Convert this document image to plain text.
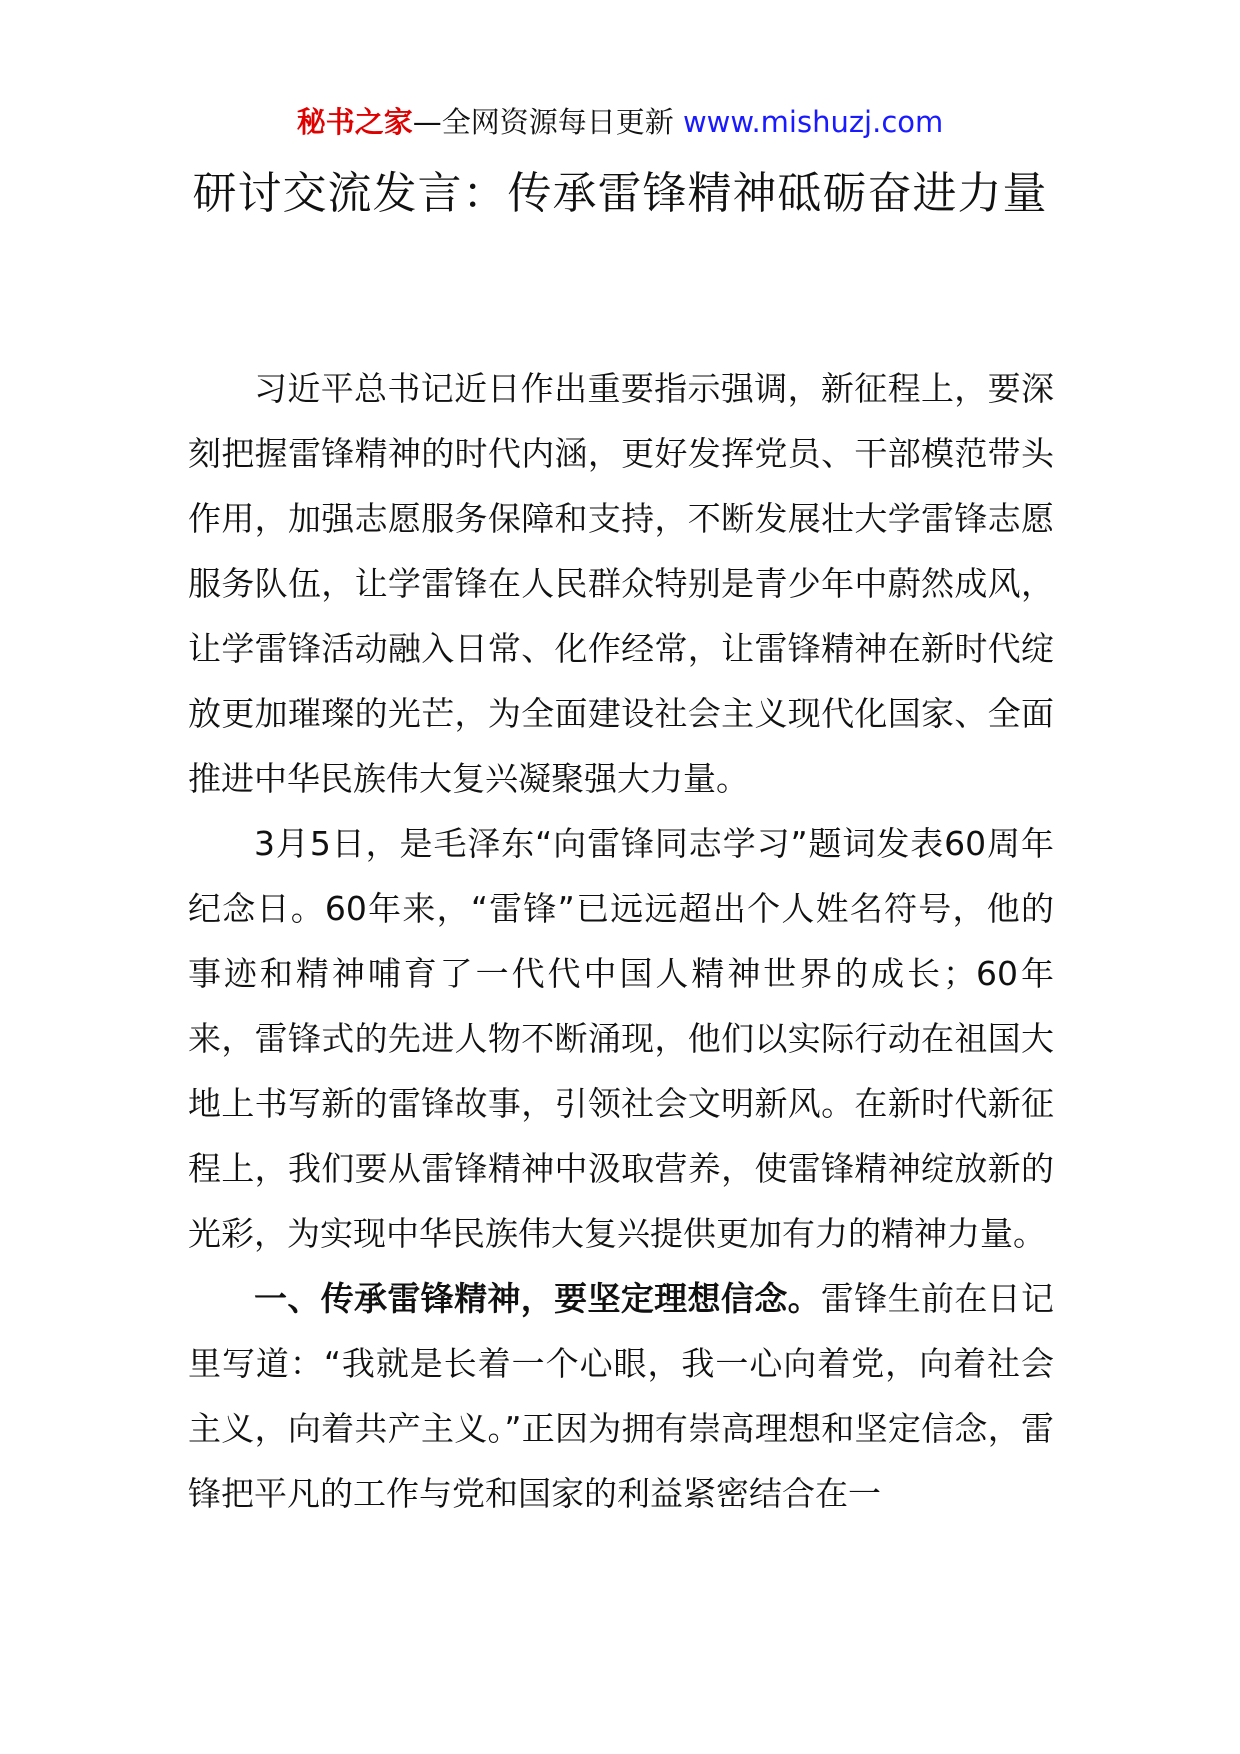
秘书之家—全网资源每日更新 www.mishuzj.com
研讨交流发言：传承雷锋精神砥砺奋进力量

习近平总书记近日作出重要指示强调，新征程上，要深刻把握雷锋精神的时代内涵，更好发挥党员、干部模范带头作用，加强志愿服务保障和支持，不断发展壮大学雷锋志愿服务队伍，让学雷锋在人民群众特别是青少年中蔚然成风，让学雷锋活动融入日常、化作经常，让雷锋精神在新时代绽放更加璀璨的光芒，为全面建设社会主义现代化国家、全面推进中华民族伟大复兴凝聚强大力量。

3月5日，是毛泽东“向雷锋同志学习”题词发表60周年纪念日。60年来，“雷锋”已远远超出个人姓名符号，他的事迹和精神哺育了一代代中国人精神世界的成长；60年来，雷锋式的先进人物不断涌现，他们以实际行动在祖国大地上书写新的雷锋故事，引领社会文明新风。在新时代新征程上，我们要从雷锋精神中汲取营养，使雷锋精神绽放新的光彩，为实现中华民族伟大复兴提供更加有力的精神力量。

一、传承雷锋精神，要坚定理想信念。雷锋生前在日记里写道：“我就是长着一个心眼，我一心向着党，向着社会主义，向着共产主义。”正因为拥有崇高理想和坚定信念，雷锋把平凡的工作与党和国家的利益紧密结合在一
